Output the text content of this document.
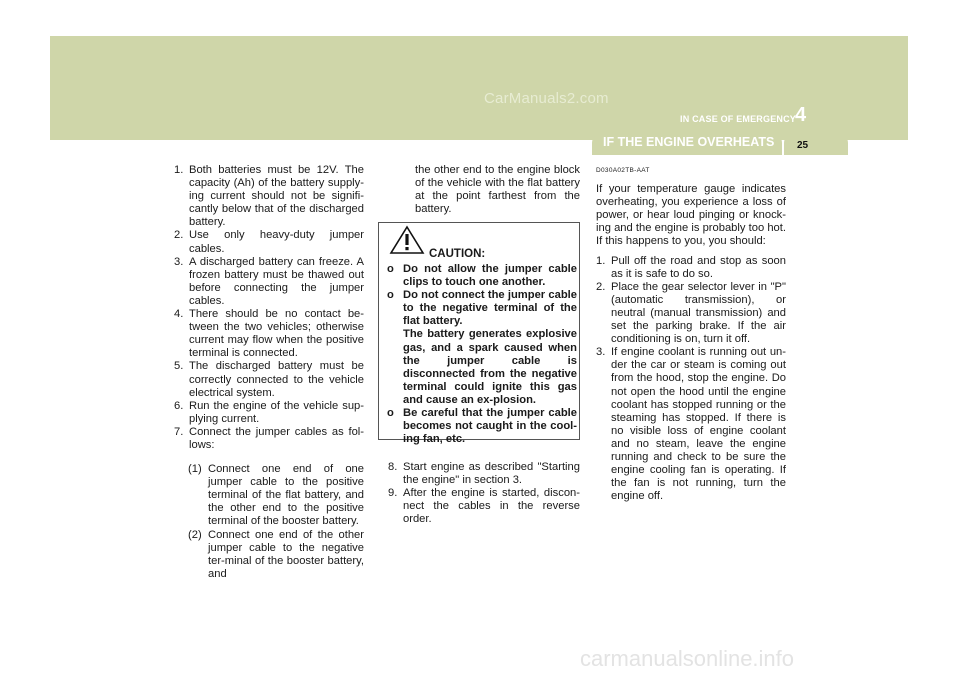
CarManuals2.com
IN CASE OF EMERGENCY
4
IF THE ENGINE OVERHEATS 25
1. Both batteries must be 12V. The capacity (Ah) of the battery supply-ing current should not be signifi-cantly below that of the discharged battery.
2. Use only heavy-duty jumper cables.
3. A discharged battery can freeze. A frozen battery must be thawed out before connecting the jumper cables.
4. There should be no contact be-tween the two vehicles; otherwise current may flow when the positive terminal is connected.
5. The discharged battery must be correctly connected to the vehicle electrical system.
6. Run the engine of the vehicle sup-plying current.
7. Connect the jumper cables as fol-lows:
(1) Connect one end of one jumper cable to the positive terminal of the flat battery, and the other end to the positive terminal of the booster battery.
(2) Connect one end of the other jumper cable to the negative ter-minal of the booster battery, and
the other end to the engine block of the vehicle with the flat battery at the point farthest from the battery.
CAUTION:
o Do not allow the jumper cable clips to touch one another.
o Do not connect the jumper cable to the negative terminal of the flat battery.
The battery generates explosive gas, and a spark caused when the jumper cable is disconnected from the negative terminal could ignite this gas and cause an ex-plosion.
o Be careful that the jumper cable becomes not caught in the cool-ing fan, etc.
8. Start engine as described "Starting the engine" in section 3.
9. After the engine is started, discon-nect the cables in the reverse order.
D030A02TB-AAT
If your temperature gauge indicates overheating, you experience a loss of power, or hear loud pinging or knock-ing and the engine is probably too hot. If this happens to you, you should:
1. Pull off the road and stop as soon as it is safe to do so.
2. Place the gear selector lever in "P" (automatic transmission), or neutral (manual transmission) and set the parking brake. If the air conditioning is on, turn it off.
3. If engine coolant is running out un-der the car or steam is coming out from the hood, stop the engine. Do not open the hood until the engine coolant has stopped running or the steaming has stopped. If there is no visible loss of engine coolant and no steam, leave the engine running and check to be sure the engine cooling fan is operating. If the fan is not running, turn the engine off.
carmanualsonline.info
